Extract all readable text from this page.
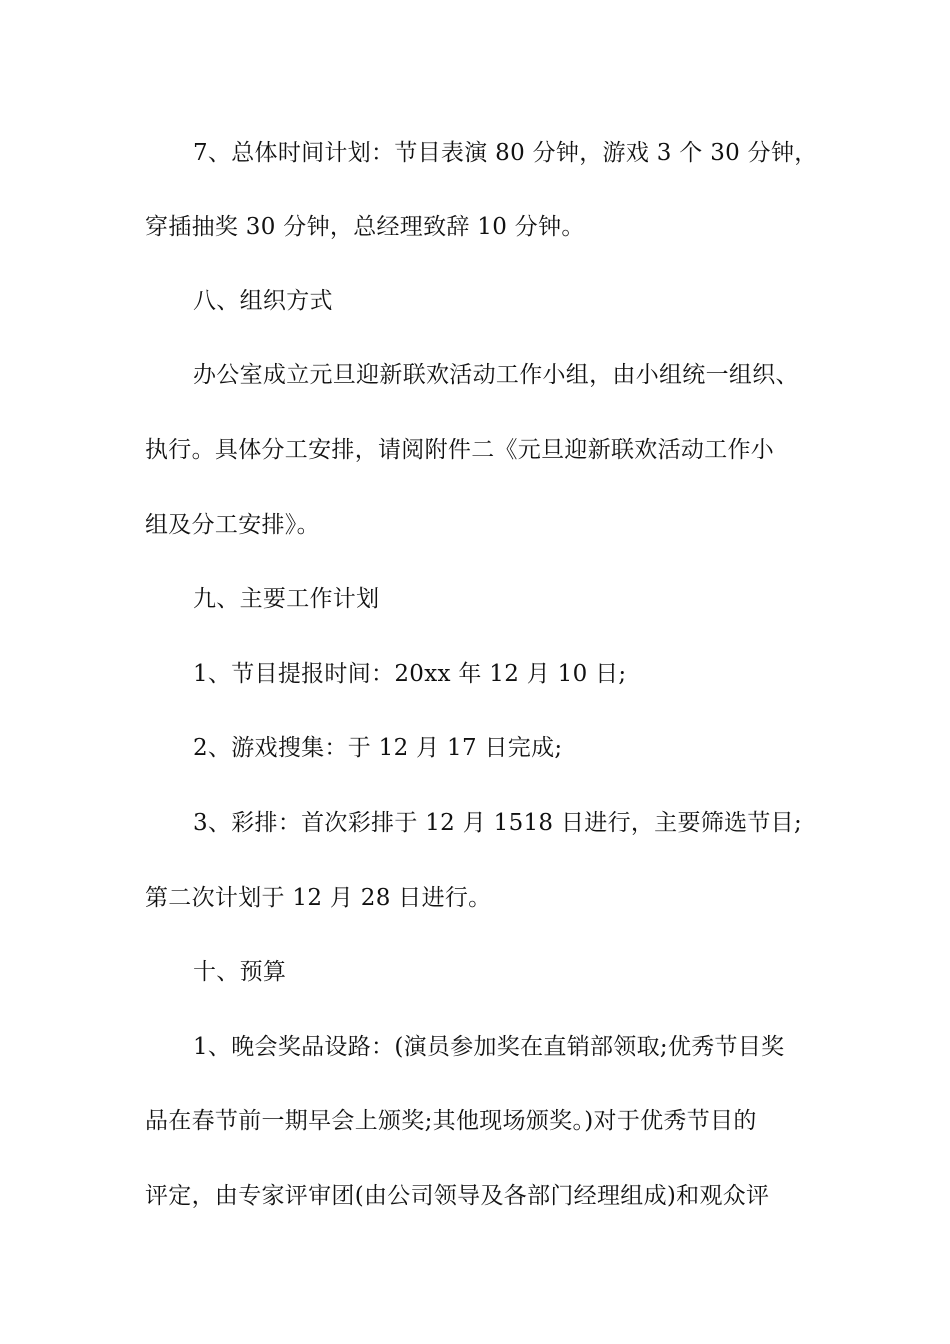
7、总体时间计划：节目表演 80 分钟，游戏 3 个 30 分钟，
穿插抽奖 30 分钟，总经理致辞 10 分钟。
八、组织方式
办公室成立元旦迎新联欢活动工作小组，由小组统一组织、
执行。具体分工安排，请阅附件二《元旦迎新联欢活动工作小
组及分工安排》。
九、主要工作计划
1、节目提报时间：20xx 年 12 月 10 日;
2、游戏搜集：于 12 月 17 日完成;
3、彩排：首次彩排于 12 月 1518 日进行，主要筛选节目;
第二次计划于 12 月 28 日进行。
十、预算
1、晚会奖品设路：(演员参加奖在直销部领取;优秀节目奖
品在春节前一期早会上颁奖;其他现场颁奖。)对于优秀节目的
评定，由专家评审团(由公司领导及各部门经理组成)和观众评
